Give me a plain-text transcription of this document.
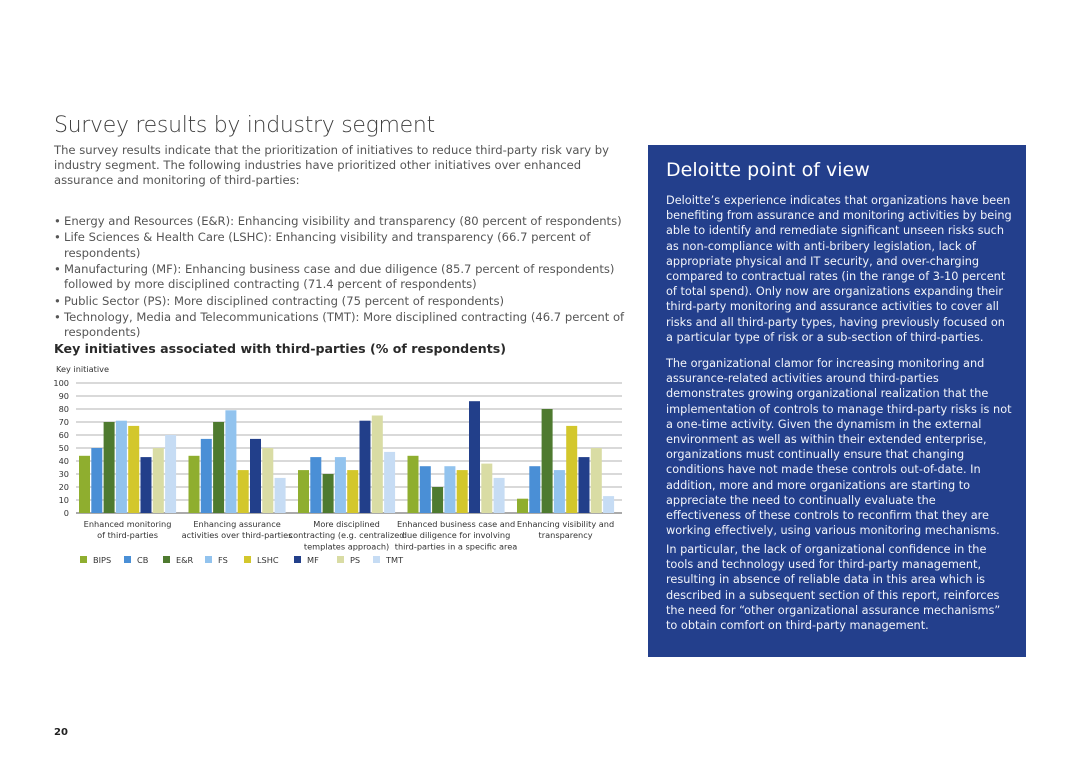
Survey results by industry segment

The survey results indicate that the prioritization of initiatives to reduce third-party risk vary by industry segment. The following industries have prioritized other initiatives over enhanced assurance and monitoring of third-parties:

• Energy and Resources (E&R): Enhancing visibility and transparency (80 percent of respondents)
• Life Sciences & Health Care (LSHC): Enhancing visibility and transparency (66.7 percent of respondents)
• Manufacturing (MF): Enhancing business case and due diligence (85.7 percent of respondents) followed by more disciplined contracting (71.4 percent of respondents)
• Public Sector (PS): More disciplined contracting (75 percent of respondents)
• Technology, Media and Telecommunications (TMT): More disciplined contracting (46.7 percent of respondents)
Key initiatives associated with third-parties (% of respondents)
Key initiative
0
10
20
30
40
50
60
70
80
90
100
Enhanced monitoring
of third-parties
Enhancing assurance
activities over third-parties
More disciplined
contracting (e.g. centralized
templates approach)
Enhanced business case and
due diligence for involving
third-parties in a specific area
Enhancing visibility and
transparency
BIPS	CB	E&R	FS	LSHC	MF	PS	TMT
Deloitte point of view

Deloitte’s experience indicates that organizations have been benefiting from assurance and monitoring activities by being able to identify and remediate significant unseen risks such as non-compliance with anti-bribery legislation, lack of appropriate physical and IT security, and over-charging compared to contractual rates (in the range of 3-10 percent of total spend). Only now are organizations expanding their third-party monitoring and assurance activities to cover all risks and all third-party types, having previously focused on a particular type of risk or a sub-section of third-parties.

The organizational clamor for increasing monitoring and assurance-related activities around third-parties demonstrates growing organizational realization that the implementation of controls to manage third-party risks is not a one-time activity. Given the dynamism in the external environment as well as within their extended enterprise, organizations must continually ensure that changing conditions have not made these controls out-of-date. In addition, more and more organizations are starting to appreciate the need to continually evaluate the effectiveness of these controls to reconfirm that they are working effectively, using various monitoring mechanisms.

In particular, the lack of organizational confidence in the tools and technology used for third-party management, resulting in absence of reliable data in this area which is described in a subsequent section of this report, reinforces the need for “other organizational assurance mechanisms” to obtain comfort on third-party management.

20
